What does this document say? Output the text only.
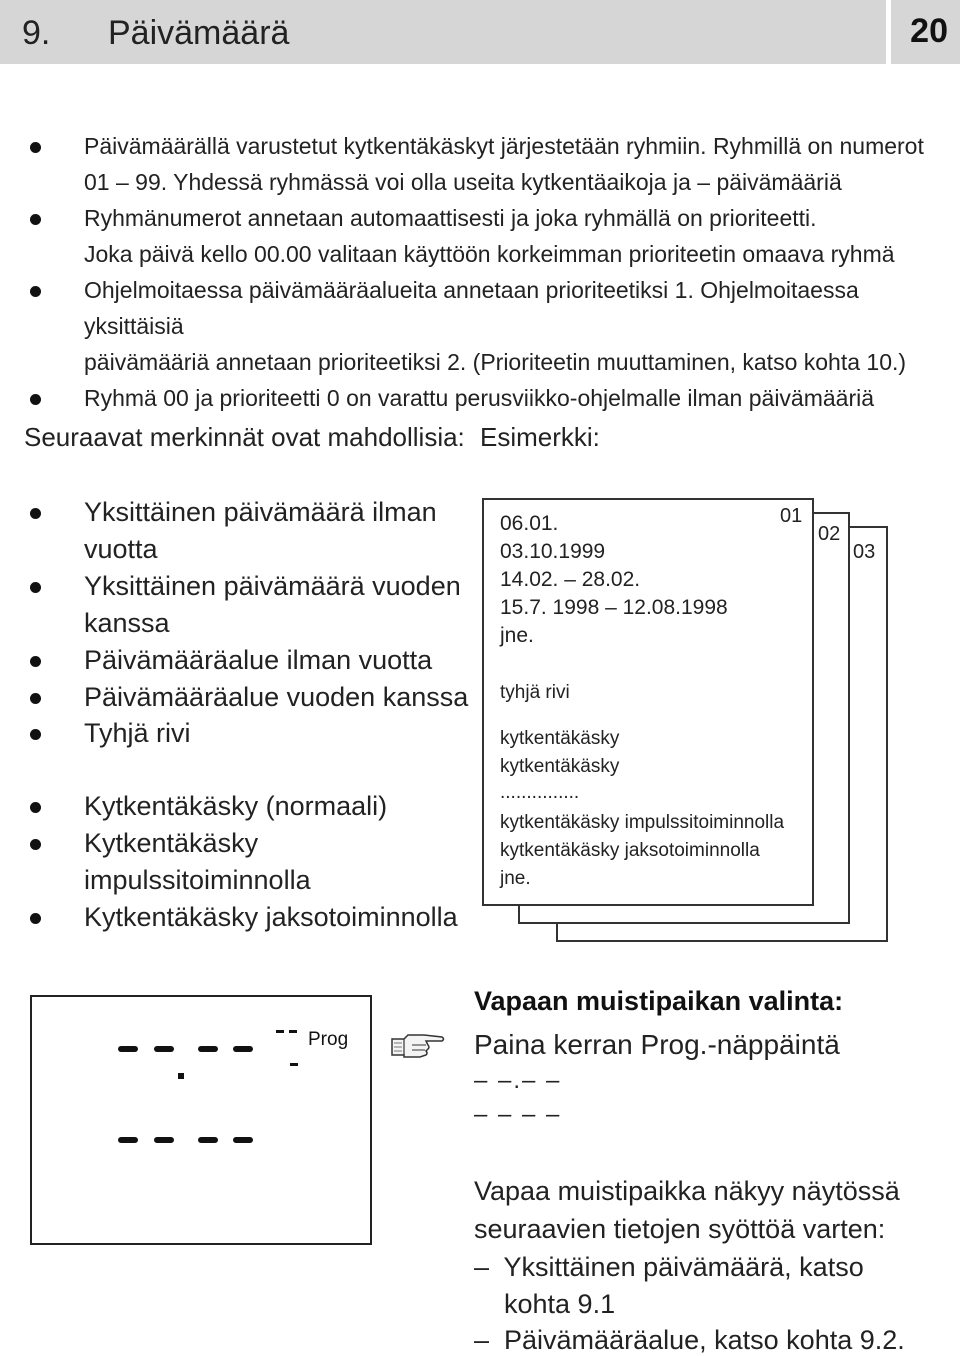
9. Päivämäärä	20
Päivämäärällä varustetut kytkentäkäskyt järjestetään ryhmiin. Ryhmillä on numerot
01 – 99. Yhdessä ryhmässä voi olla useita kytkentäaikoja ja – päivämääriä
Ryhmänumerot annetaan automaattisesti ja joka ryhmällä on prioriteetti.
Joka päivä kello 00.00 valitaan käyttöön korkeimman prioriteetin omaava ryhmä
Ohjelmoitaessa päivämääräalueita annetaan prioriteetiksi 1. Ohjelmoitaessa yksittäisiä
päivämääriä annetaan prioriteetiksi 2. (Prioriteetin muuttaminen, katso kohta 10.)
Ryhmä 00 ja prioriteetti 0 on varattu perusviikko-ohjelmalle ilman päivämääriä
Seuraavat merkinnät ovat mahdollisia: Esimerkki:
Yksittäinen päivämäärä ilman vuotta
Yksittäinen päivämäärä vuoden kanssa
Päivämääräalue ilman vuotta
Päivämääräalue vuoden kanssa
Tyhjä rivi
Kytkentäkäsky (normaali)
Kytkentäkäsky impulssitoiminnolla
Kytkentäkäsky jaksotoiminnolla
01
02
03
06.01.
03.10.1999
14.02. – 28.02.
15.7. 1998 – 12.08.1998
jne.
tyhjä rivi
kytkentäkäsky
kytkentäkäsky
...............
kytkentäkäsky impulssitoiminnolla
kytkentäkäsky jaksotoiminnolla
jne.
Prog
Vapaan muistipaikan valinta:
Paina kerran Prog.-näppäintä
– –.– –
– – – –
Vapaa muistipaikka näkyy näytössä
seuraavien tietojen syöttöä varten:
–  Yksittäinen päivämäärä, katso
kohta 9.1
–  Päivämääräalue, katso kohta 9.2.
